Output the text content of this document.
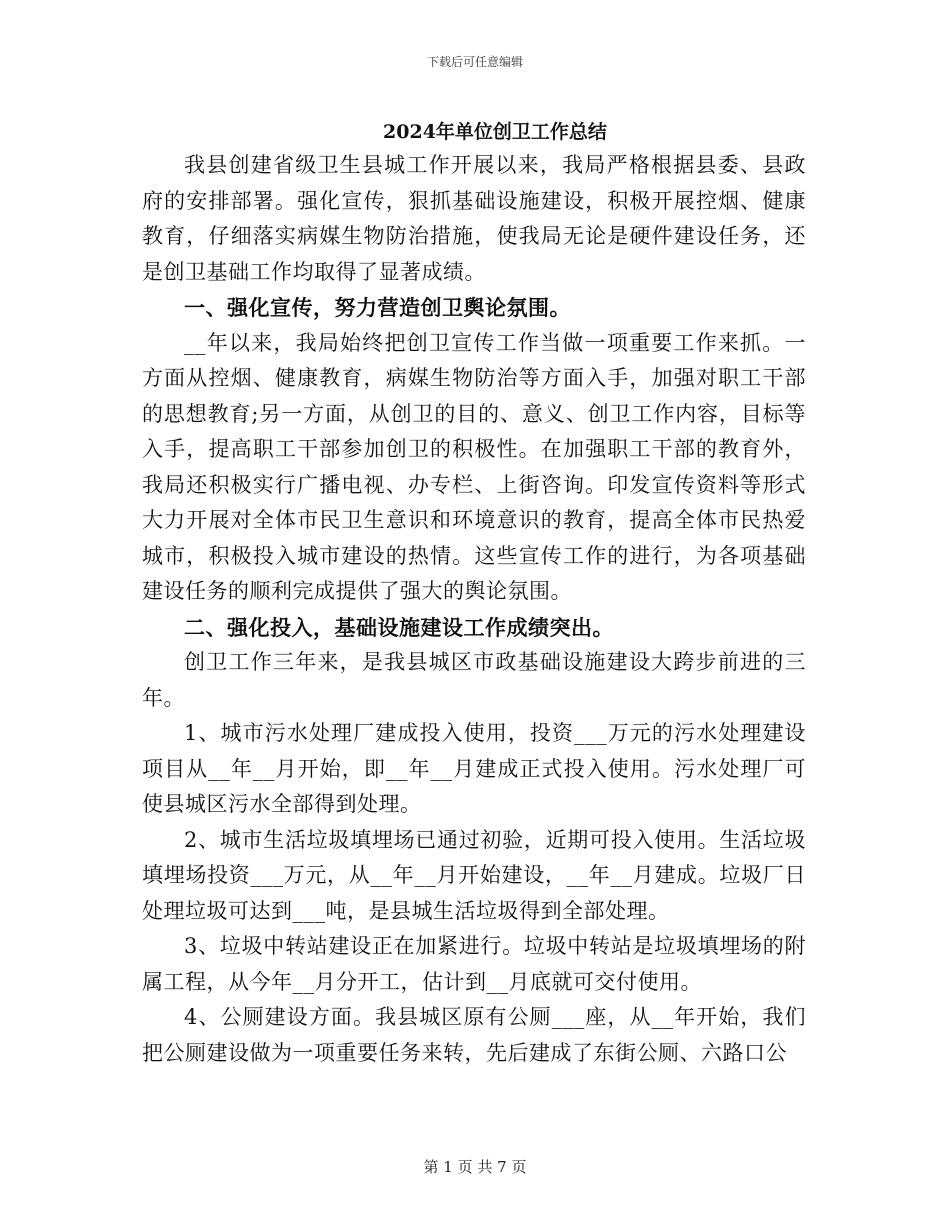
下载后可任意编辑
2024年单位创卫工作总结

我县创建省级卫生县城工作开展以来，我局严格根据县委、县政府的安排部署。强化宣传，狠抓基础设施建设，积极开展控烟、健康教育，仔细落实病媒生物防治措施，使我局无论是硬件建设任务，还是创卫基础工作均取得了显著成绩。

一、强化宣传，努力营造创卫舆论氛围。

__年以来，我局始终把创卫宣传工作当做一项重要工作来抓。一方面从控烟、健康教育，病媒生物防治等方面入手，加强对职工干部的思想教育;另一方面，从创卫的目的、意义、创卫工作内容，目标等入手，提高职工干部参加创卫的积极性。在加强职工干部的教育外，我局还积极实行广播电视、办专栏、上街咨询。印发宣传资料等形式大力开展对全体市民卫生意识和环境意识的教育，提高全体市民热爱城市，积极投入城市建设的热情。这些宣传工作的进行，为各项基础建设任务的顺利完成提供了强大的舆论氛围。

二、强化投入，基础设施建设工作成绩突出。

创卫工作三年来，是我县城区市政基础设施建设大跨步前进的三年。

1、城市污水处理厂建成投入使用，投资___万元的污水处理建设项目从__年__月开始，即__年__月建成正式投入使用。污水处理厂可使县城区污水全部得到处理。

2、城市生活垃圾填埋场已通过初验，近期可投入使用。生活垃圾填埋场投资___万元，从__年__月开始建设，__年__月建成。垃圾厂日处理垃圾可达到___吨，是县城生活垃圾得到全部处理。

3、垃圾中转站建设正在加紧进行。垃圾中转站是垃圾填埋场的附属工程，从今年__月分开工，估计到__月底就可交付使用。

4、公厕建设方面。我县城区原有公厕___座，从__年开始，我们把公厕建设做为一项重要任务来转，先后建成了东街公厕、六路口公

第 1 页 共 7 页
